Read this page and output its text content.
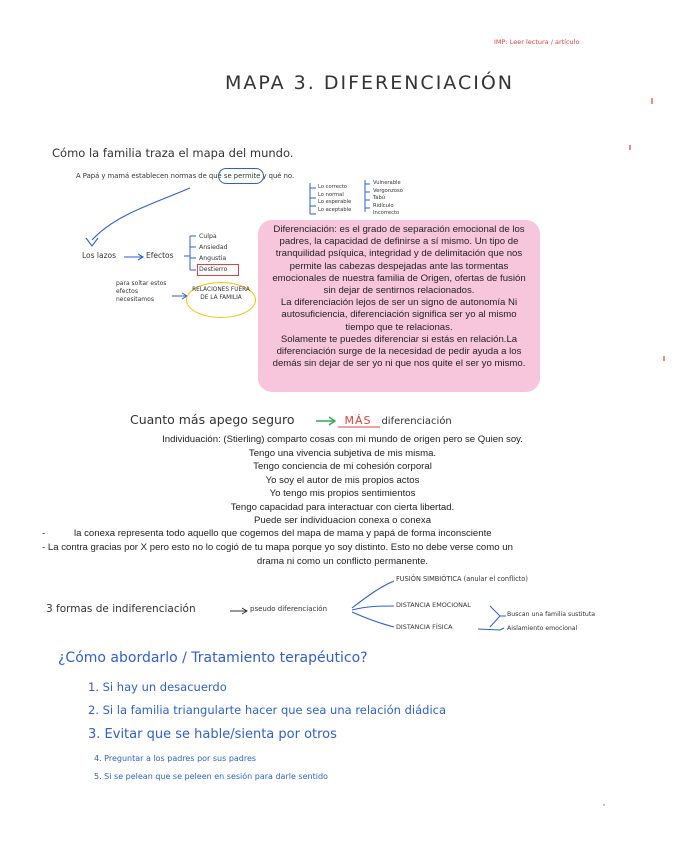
IMP: Leer lectura / artículo
MAPA 3. DIFERENCIACIÓN
Cómo la familia traza el mapa del mundo.
A Papá y mamá establecen normas de qué se permite y qué no.
Lo correcto
Lo normal
Lo esperable
Lo aceptable
Vulnerable
Vergonzoso
Tabú
Ridículo
Incorrecto
Los lazos	Efectos
Culpa
Ansiedad
Angustia
Destierro
para soltar estos efectos necesitamos
RELACIONES FUERA DE LA FAMILIA

Diferenciación: es el grado de separación emocional de los padres, la capacidad de definirse a sí mismo. Un tipo de tranquilidad psíquica, integridad y de delimitación que nos permite las cabezas despejadas ante las tormentas emocionales de nuestra familia de Origen, ofertas de fusión sin dejar de sentirnos relacionados.

La diferenciación lejos de ser un signo de autonomía Ni autosuficiencia, diferenciación significa ser yo al mismo tiempo que te relacionas.

Solamente te puedes diferenciar si estás en relación.La diferenciación surge de la necesidad de pedir ayuda a los demás sin dejar de ser yo ni que nos quite el ser yo mismo.

Cuanto más apego seguro	MÁS diferenciación
Individuación: (Stierling) comparto cosas con mi mundo de origen pero se Quien soy.
Tengo una vivencia subjetiva de mis misma.
Tengo conciencia de mi cohesión corporal
Yo soy el autor de mis propios actos
Yo tengo mis propios sentimientos
Tengo capacidad para interactuar con cierta libertad.
Puede ser individuacion conexa o conexa
-	la conexa representa todo aquello que cogemos del mapa de mama y papá de forma inconsciente
- La contra gracias por X pero esto no lo cogió de tu mapa porque yo soy distinto. Esto no debe verse como un
drama ni como un conflicto permanente.
3 formas de indiferenciación	pseudo diferenciación
FUSIÓN SIMBIÓTICA (anular el conflicto)
DISTANCIA EMOCIONAL
DISTANCIA FÍSICA
Buscan una familia sustituta
Aislamiento emocional
¿Cómo abordarlo / Tratamiento terapéutico?
1. Si hay un desacuerdo
2. Si la familia triangularte hacer que sea una relación diádica
3. Evitar que se hable/sienta por otros
4. Preguntar a los padres por sus padres
5. Si se pelean que se peleen en sesión para darle sentido
